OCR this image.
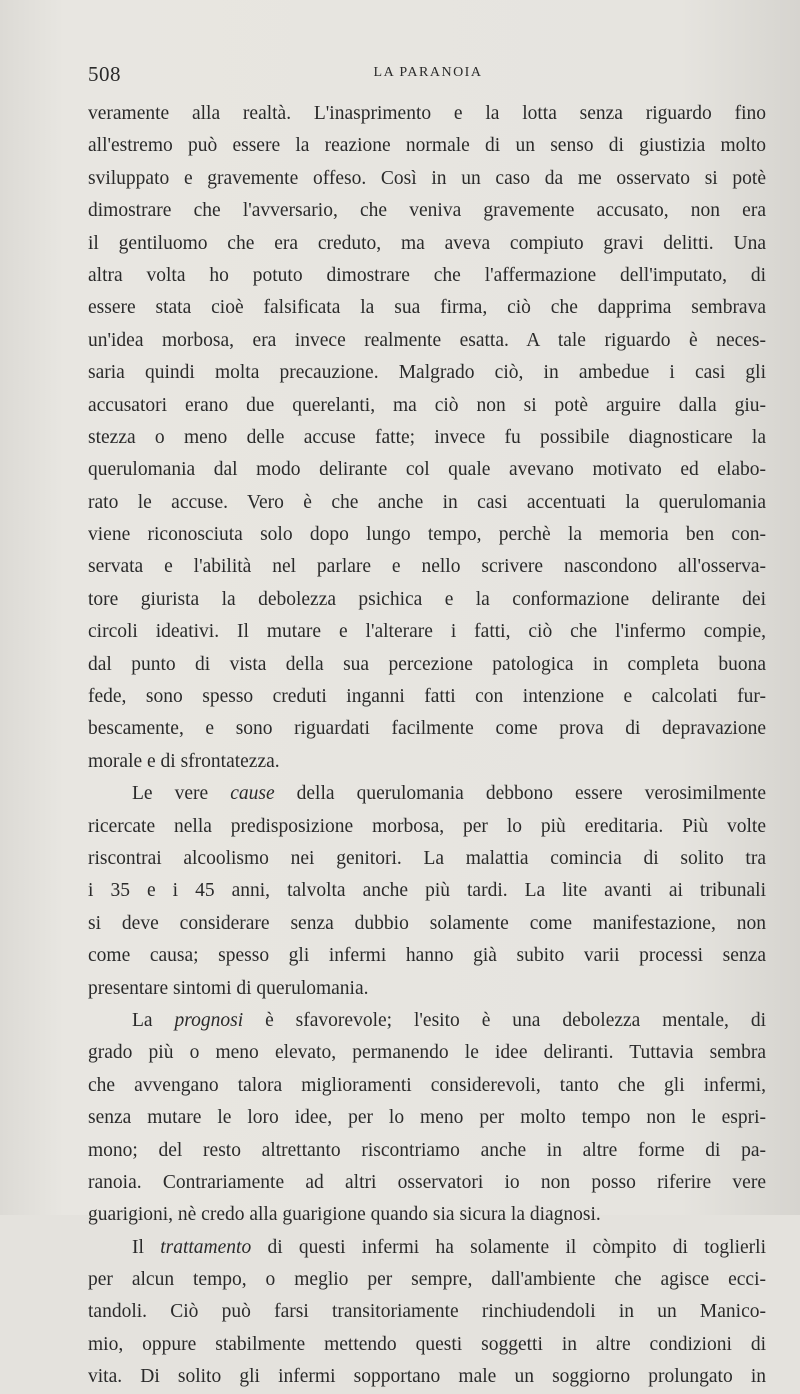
508	LA PARANOIA
veramente alla realtà. L'inasprimento e la lotta senza riguardo fino
all'estremo può essere la reazione normale di un senso di giustizia molto
sviluppato e gravemente offeso. Così in un caso da me osservato si potè
dimostrare che l'avversario, che veniva gravemente accusato, non era
il gentiluomo che era creduto, ma aveva compiuto gravi delitti. Una
altra volta ho potuto dimostrare che l'affermazione dell'imputato, di
essere stata cioè falsificata la sua firma, ciò che dapprima sembrava
un'idea morbosa, era invece realmente esatta. A tale riguardo è neces-
saria quindi molta precauzione. Malgrado ciò, in ambedue i casi gli
accusatori erano due querelanti, ma ciò non si potè arguire dalla giu-
stezza o meno delle accuse fatte; invece fu possibile diagnosticare la
querulomania dal modo delirante col quale avevano motivato ed elabo-
rato le accuse. Vero è che anche in casi accentuati la querulomania
viene riconosciuta solo dopo lungo tempo, perchè la memoria ben con-
servata e l'abilità nel parlare e nello scrivere nascondono all'osserva-
tore giurista la debolezza psichica e la conformazione delirante dei
circoli ideativi. Il mutare e l'alterare i fatti, ciò che l'infermo compie,
dal punto di vista della sua percezione patologica in completa buona
fede, sono spesso creduti inganni fatti con intenzione e calcolati fur-
bescamente, e sono riguardati facilmente come prova di depravazione
morale e di sfrontatezza.
Le vere cause della querulomania debbono essere verosimilmente
ricercate nella predisposizione morbosa, per lo più ereditaria. Più volte
riscontrai alcoolismo nei genitori. La malattia comincia di solito tra
i 35 e i 45 anni, talvolta anche più tardi. La lite avanti ai tribunali
si deve considerare senza dubbio solamente come manifestazione, non
come causa; spesso gli infermi hanno già subito varii processi senza
presentare sintomi di querulomania.
La prognosi è sfavorevole; l'esito è una debolezza mentale, di
grado più o meno elevato, permanendo le idee deliranti. Tuttavia sembra
che avvengano talora miglioramenti considerevoli, tanto che gli infermi,
senza mutare le loro idee, per lo meno per molto tempo non le espri-
mono; del resto altrettanto riscontriamo anche in altre forme di pa-
ranoia. Contrariamente ad altri osservatori io non posso riferire vere
guarigioni, nè credo alla guarigione quando sia sicura la diagnosi.
Il trattamento di questi infermi ha solamente il còmpito di toglierli
per alcun tempo, o meglio per sempre, dall'ambiente che agisce ecci-
tandoli. Ciò può farsi transitoriamente rinchiudendoli in un Manico-
mio, oppure stabilmente mettendo questi soggetti in altre condizioni di
vita. Di solito gli infermi sopportano male un soggiorno prolungato in
